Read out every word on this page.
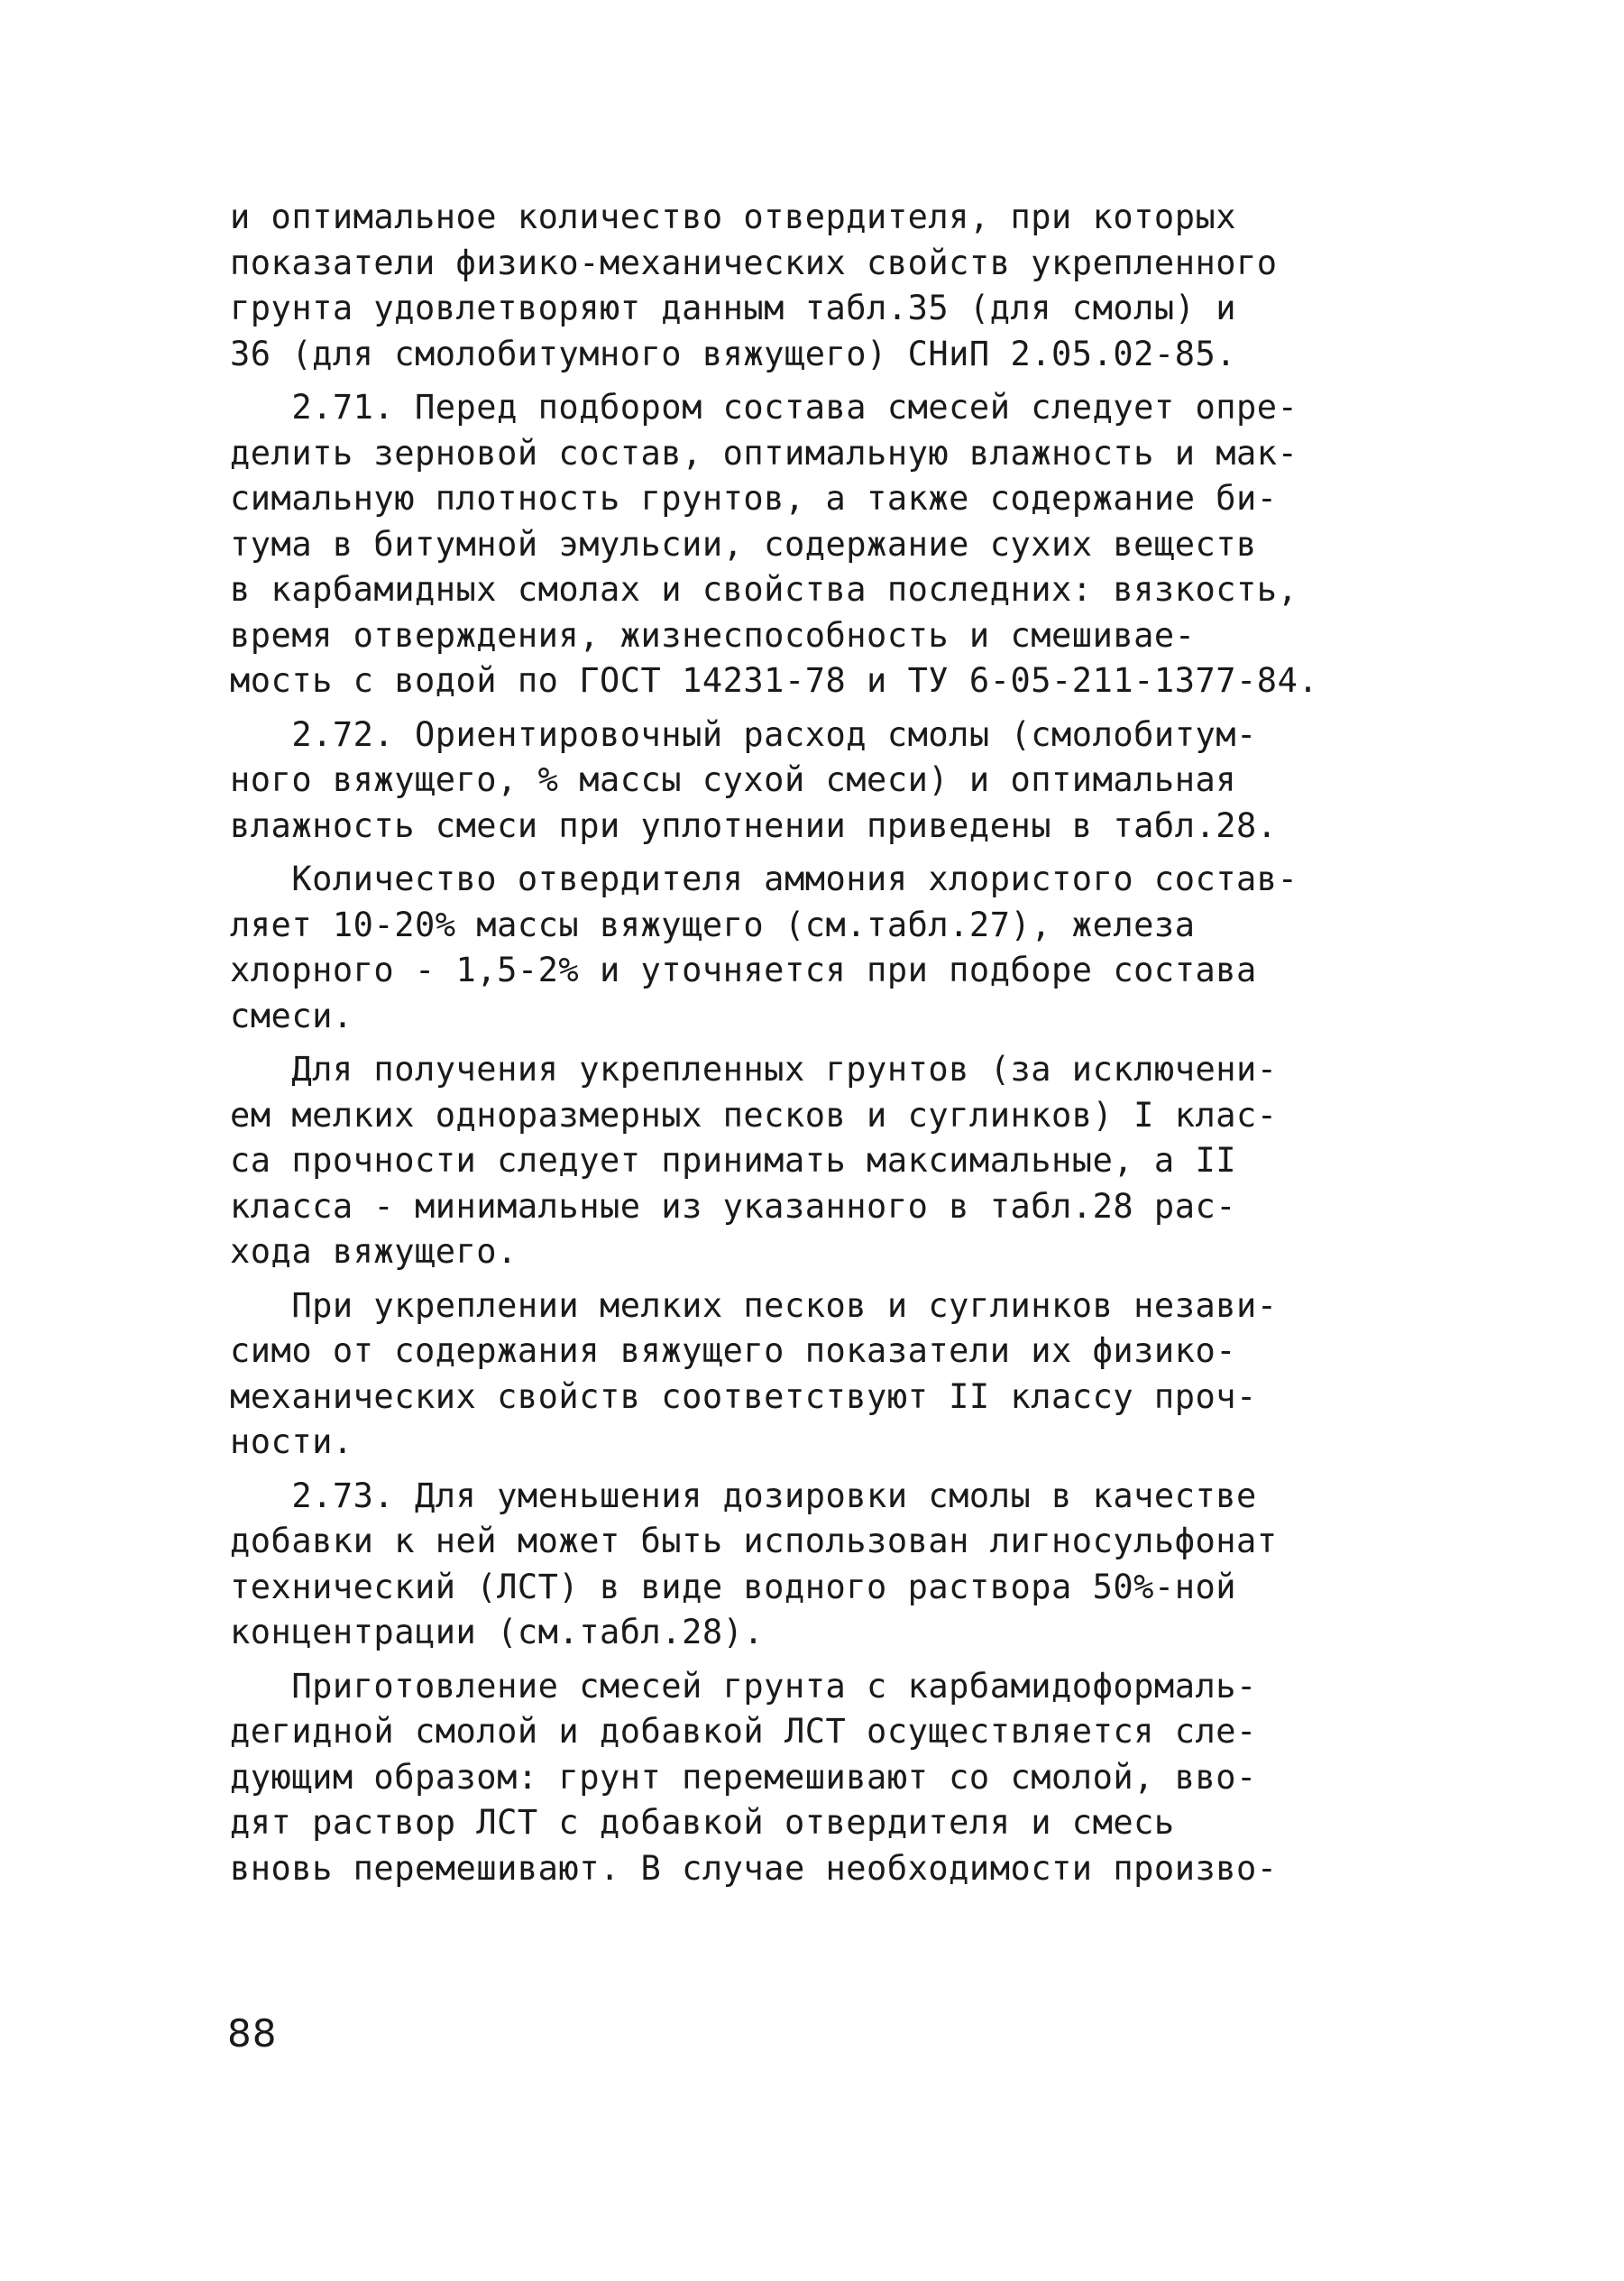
и оптимальное количество отвердителя, при которых
показатели физико-механических свойств укрепленного
грунта удовлетворяют данным табл.35 (для смолы) и
36 (для смолобитумного вяжущего) СНиП 2.05.02-85.
2.71. Перед подбором состава смесей следует опре-
делить зерновой состав, оптимальную влажность и мак-
симальную плотность грунтов, а также содержание би-
тума в битумной эмульсии, содержание сухих веществ
в карбамидных смолах и свойства последних: вязкость,
время отверждения, жизнеспособность и смешивае-
мость с водой по ГОСТ 14231-78 и ТУ 6-05-211-1377-84.
2.72. Ориентировочный расход смолы (смолобитум-
ного вяжущего, % массы сухой смеси) и оптимальная
влажность смеси при уплотнении приведены в табл.28.
Количество отвердителя аммония хлористого состав-
ляет 10-20% массы вяжущего (см.табл.27), железа
хлорного - 1,5-2% и уточняется при подборе состава
смеси.
Для получения укрепленных грунтов (за исключени-
ем мелких одноразмерных песков и суглинков) I клас-
са прочности следует принимать максимальные, а II
класса - минимальные из указанного в табл.28 рас-
хода вяжущего.
При укреплении мелких песков и суглинков незави-
симо от содержания вяжущего показатели их физико-
механических свойств соответствуют II классу проч-
ности.
2.73. Для уменьшения дозировки смолы в качестве
добавки к ней может быть использован лигносульфонат
технический (ЛСТ) в виде водного раствора 50%-ной
концентрации (см.табл.28).
Приготовление смесей грунта с карбамидоформаль-
дегидной смолой и добавкой ЛСТ осуществляется сле-
дующим образом: грунт перемешивают со смолой, вво-
дят раствор ЛСТ с добавкой отвердителя и смесь
вновь перемешивают. В случае необходимости произво-
88
